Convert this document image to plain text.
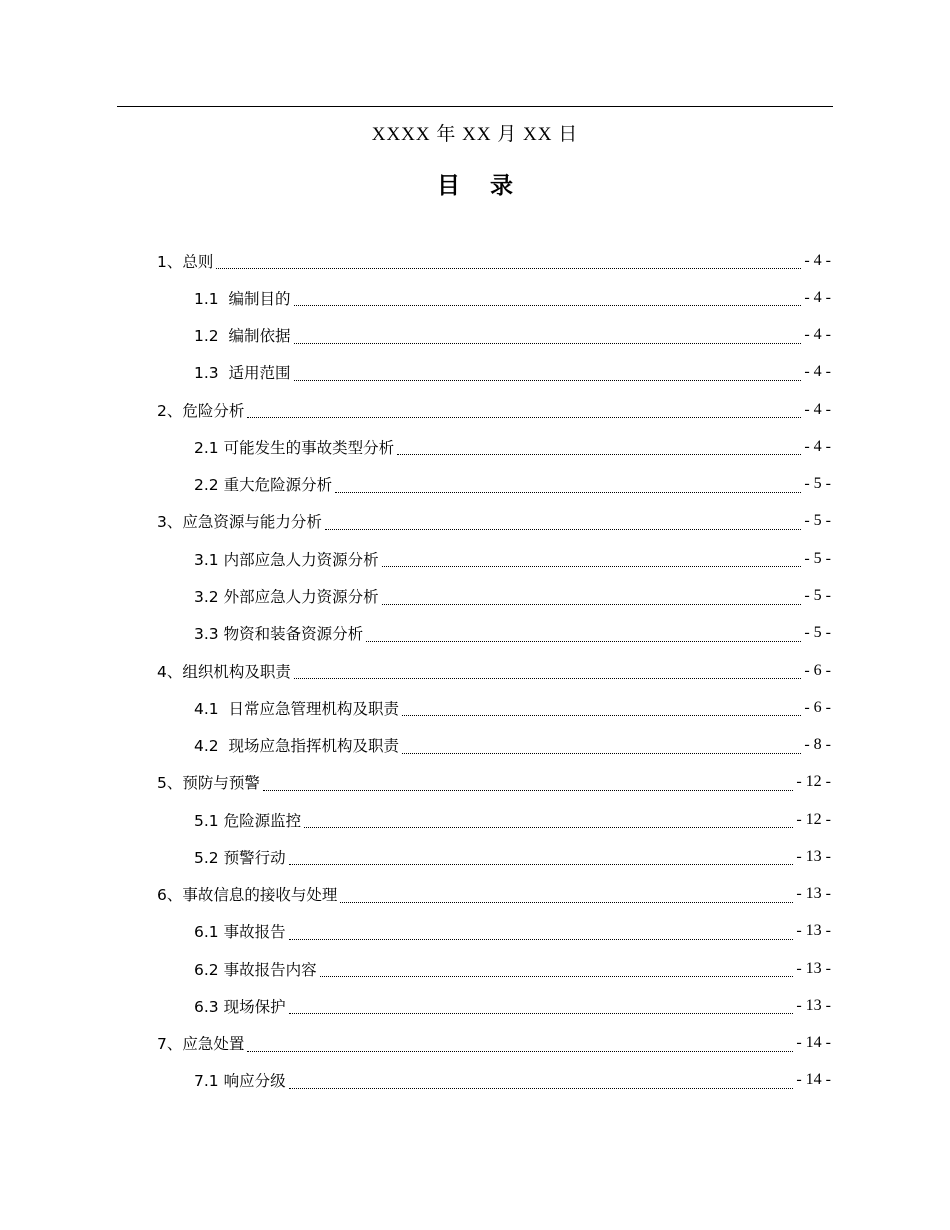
XXXX 年 XX 月 XX 日
目录
1、总则	- 4 -
1.1  编制目的	- 4 -
1.2  编制依据	- 4 -
1.3  适用范围	- 4 -
2、危险分析	- 4 -
2.1 可能发生的事故类型分析	- 4 -
2.2 重大危险源分析	- 5 -
3、应急资源与能力分析	- 5 -
3.1 内部应急人力资源分析	- 5 -
3.2 外部应急人力资源分析	- 5 -
3.3 物资和装备资源分析	- 5 -
4、组织机构及职责	- 6 -
4.1  日常应急管理机构及职责	- 6 -
4.2  现场应急指挥机构及职责	- 8 -
5、预防与预警	- 12 -
5.1 危险源监控	- 12 -
5.2 预警行动	- 13 -
6、事故信息的接收与处理	- 13 -
6.1 事故报告	- 13 -
6.2 事故报告内容	- 13 -
6.3 现场保护	- 13 -
7、应急处置	- 14 -
7.1 响应分级	- 14 -
